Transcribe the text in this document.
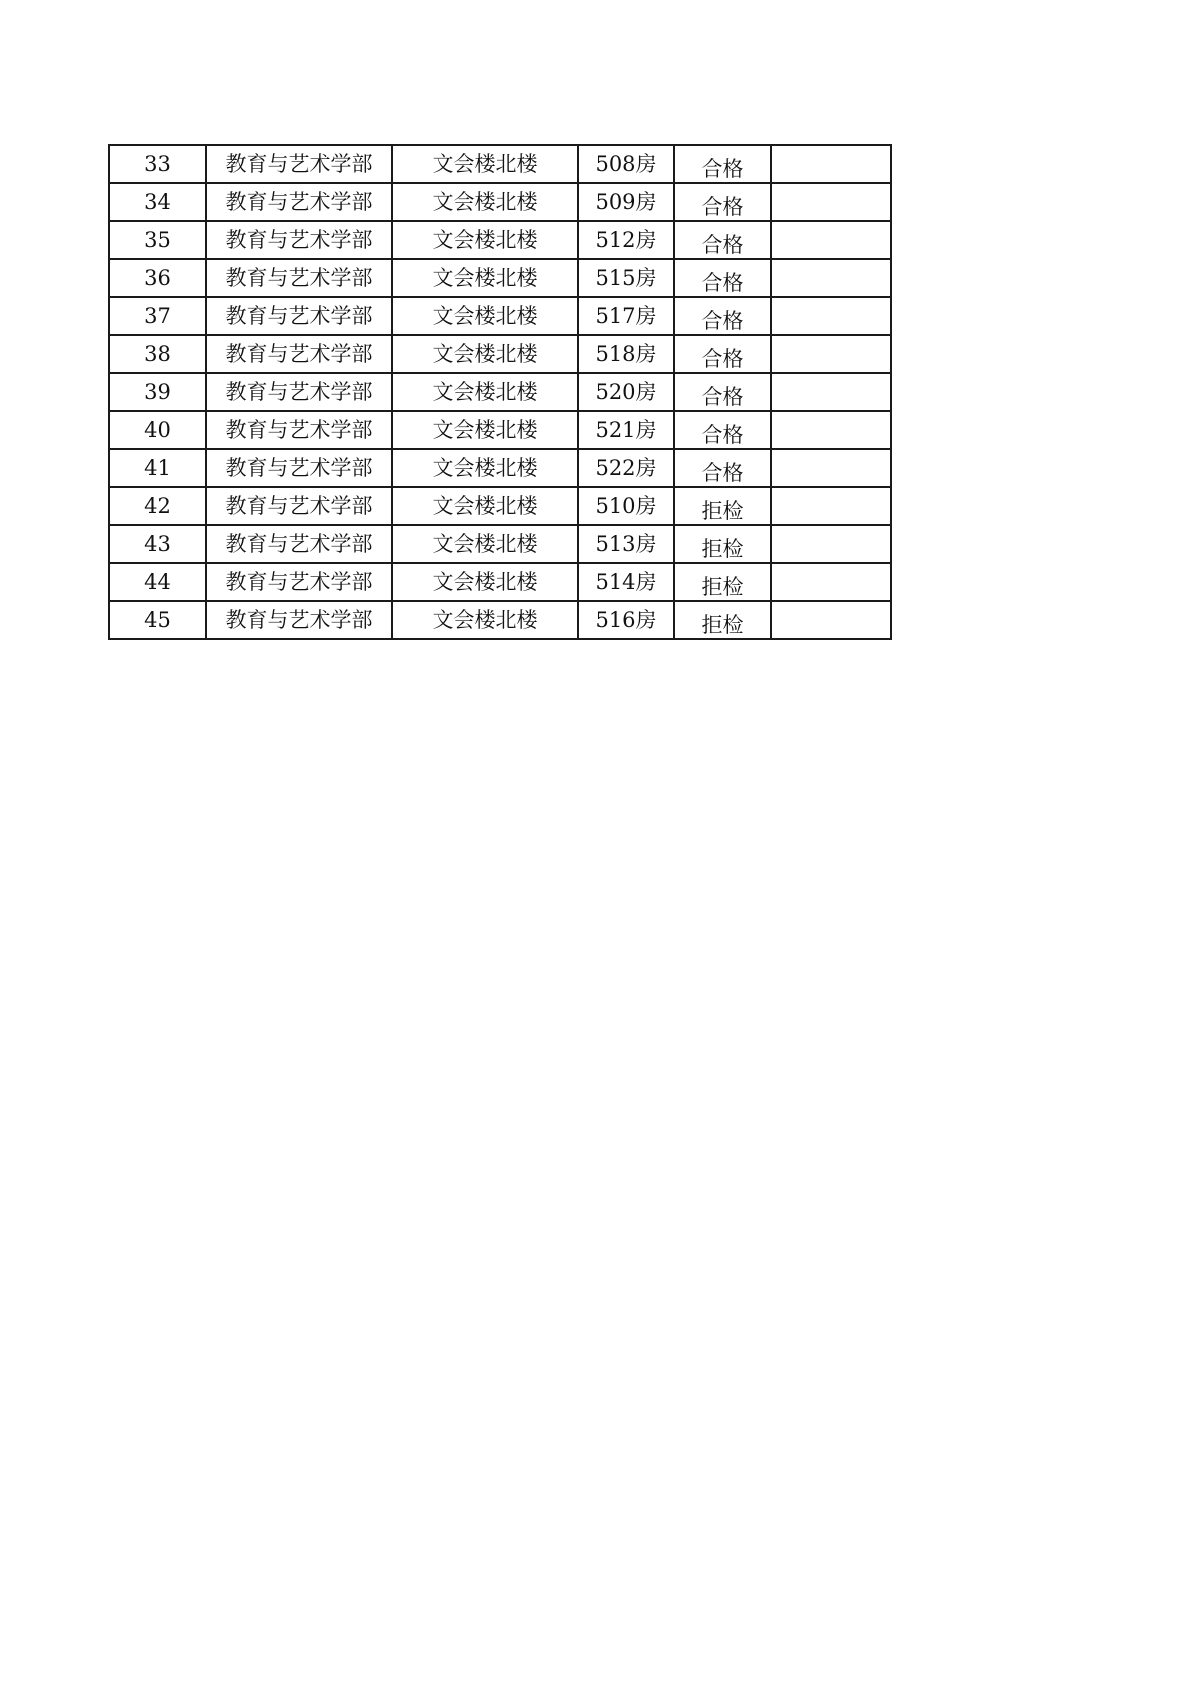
33	教育与艺术学部	文会楼北楼	508房	合格	
34	教育与艺术学部	文会楼北楼	509房	合格	
35	教育与艺术学部	文会楼北楼	512房	合格	
36	教育与艺术学部	文会楼北楼	515房	合格	
37	教育与艺术学部	文会楼北楼	517房	合格	
38	教育与艺术学部	文会楼北楼	518房	合格	
39	教育与艺术学部	文会楼北楼	520房	合格	
40	教育与艺术学部	文会楼北楼	521房	合格	
41	教育与艺术学部	文会楼北楼	522房	合格	
42	教育与艺术学部	文会楼北楼	510房	拒检	
43	教育与艺术学部	文会楼北楼	513房	拒检	
44	教育与艺术学部	文会楼北楼	514房	拒检	
45	教育与艺术学部	文会楼北楼	516房	拒检	
